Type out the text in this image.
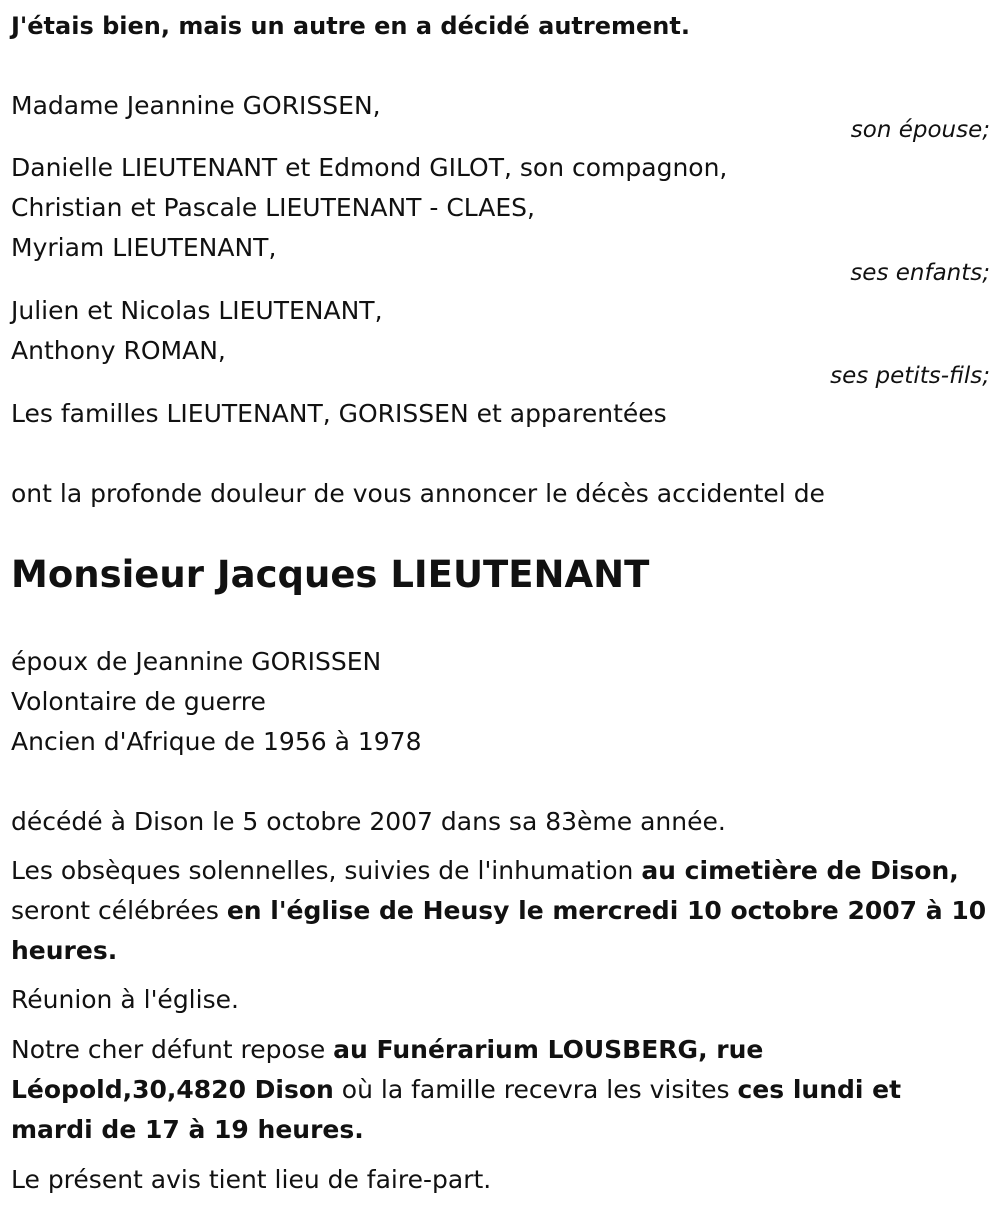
J'étais bien, mais un autre en a décidé autrement.

Madame Jeannine GORISSEN,

son épouse;

Danielle LIEUTENANT et Edmond GILOT, son compagnon,

Christian et Pascale LIEUTENANT - CLAES,

Myriam LIEUTENANT,

ses enfants;

Julien et Nicolas LIEUTENANT,

Anthony ROMAN,

ses petits-fils;

Les familles LIEUTENANT, GORISSEN et apparentées

ont la profonde douleur de vous annoncer le décès accidentel de

Monsieur Jacques LIEUTENANT

époux de Jeannine GORISSEN

Volontaire de guerre

Ancien d'Afrique de 1956 à 1978

décédé à Dison le 5 octobre 2007 dans sa 83ème année.

Les obsèques solennelles, suivies de l'inhumation au cimetière de Dison,

seront célébrées en l'église de Heusy le mercredi 10 octobre 2007 à 10

heures.

Réunion à l'église.

Notre cher défunt repose au Funérarium LOUSBERG, rue

Léopold,30,4820 Dison où la famille recevra les visites ces lundi et

mardi de 17 à 19 heures.

Le présent avis tient lieu de faire-part.
